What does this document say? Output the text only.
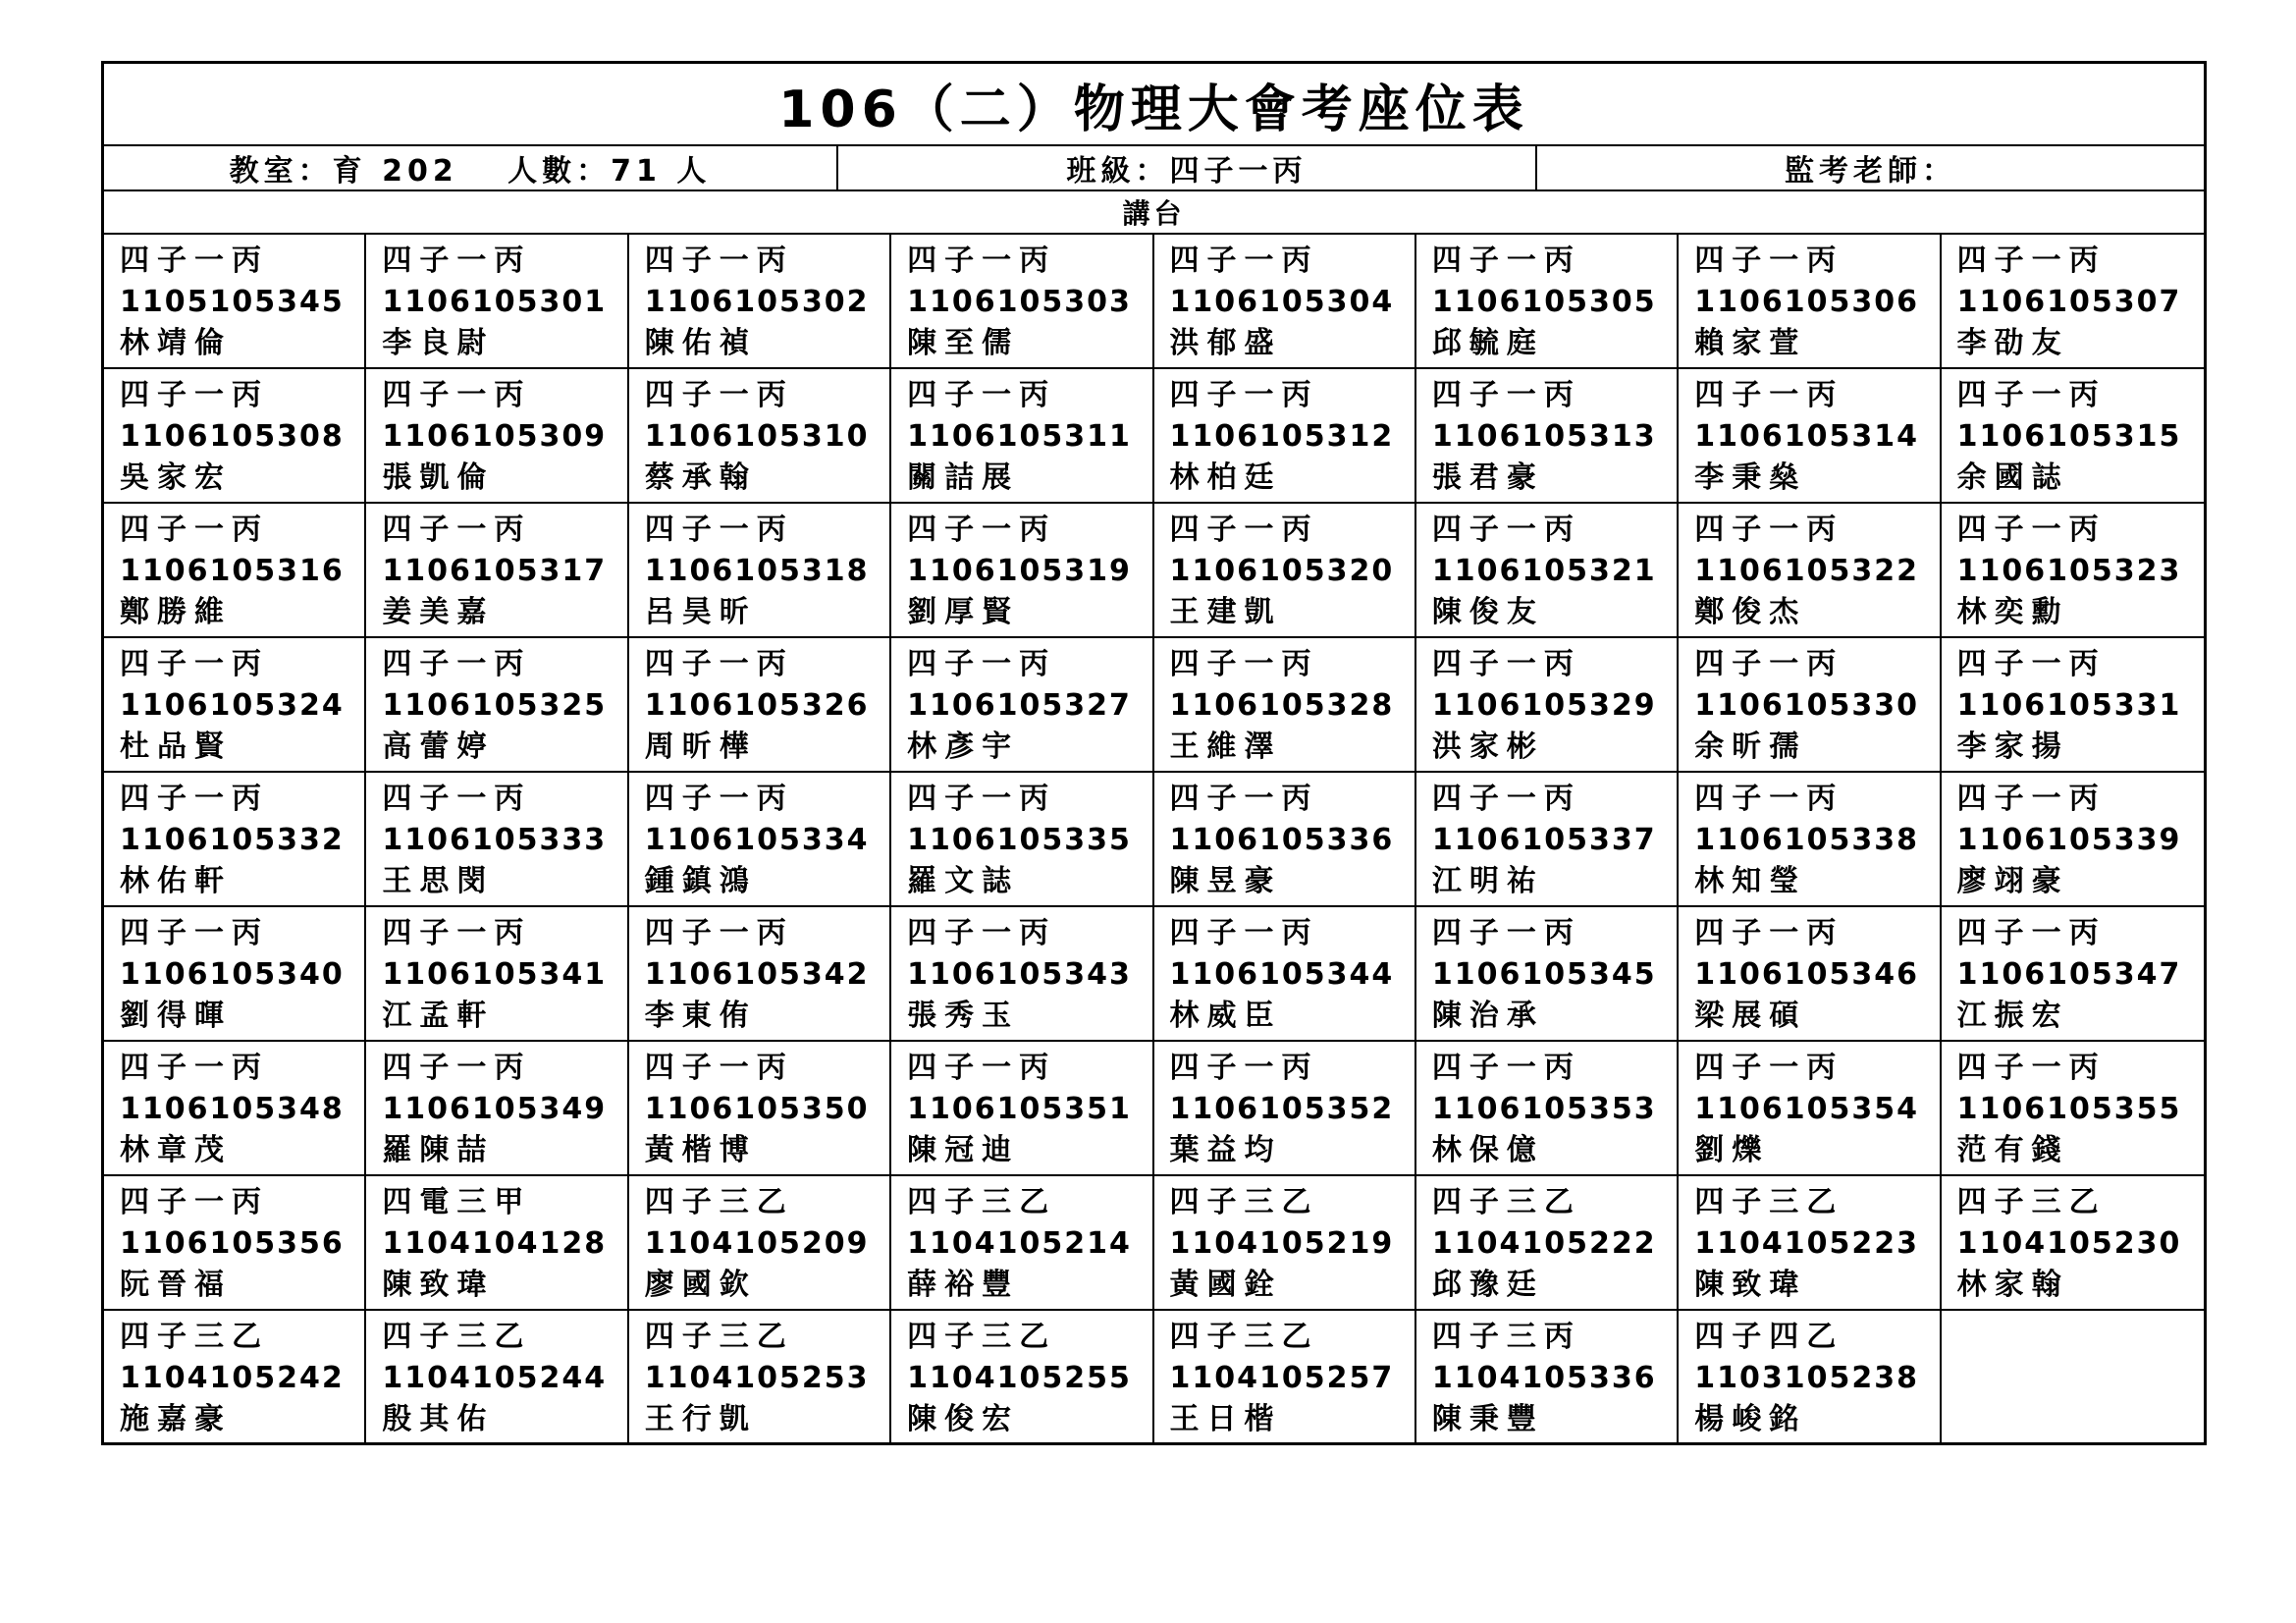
106（二）物理大會考座位表
教室：育 202　 人數：71 人	班級：四子一丙	監考老師：
講台
四子一丙
1105105345
林靖倫
四子一丙
1106105301
李良尉
四子一丙
1106105302
陳佑禎
四子一丙
1106105303
陳至儒
四子一丙
1106105304
洪郁盛
四子一丙
1106105305
邱毓庭
四子一丙
1106105306
賴家萱
四子一丙
1106105307
李劭友
四子一丙
1106105308
吳家宏
四子一丙
1106105309
張凱倫
四子一丙
1106105310
蔡承翰
四子一丙
1106105311
關詰展
四子一丙
1106105312
林柏廷
四子一丙
1106105313
張君豪
四子一丙
1106105314
李秉燊
四子一丙
1106105315
余國誌
四子一丙
1106105316
鄭勝維
四子一丙
1106105317
姜美嘉
四子一丙
1106105318
呂昊昕
四子一丙
1106105319
劉厚賢
四子一丙
1106105320
王建凱
四子一丙
1106105321
陳俊友
四子一丙
1106105322
鄭俊杰
四子一丙
1106105323
林奕勳
四子一丙
1106105324
杜品賢
四子一丙
1106105325
高蕾婷
四子一丙
1106105326
周昕樺
四子一丙
1106105327
林彥宇
四子一丙
1106105328
王維澤
四子一丙
1106105329
洪家彬
四子一丙
1106105330
余昕孺
四子一丙
1106105331
李家揚
四子一丙
1106105332
林佑軒
四子一丙
1106105333
王思閔
四子一丙
1106105334
鍾鎮鴻
四子一丙
1106105335
羅文誌
四子一丙
1106105336
陳昱豪
四子一丙
1106105337
江明祐
四子一丙
1106105338
林知瑩
四子一丙
1106105339
廖翊豪
四子一丙
1106105340
劉得暉
四子一丙
1106105341
江孟軒
四子一丙
1106105342
李東侑
四子一丙
1106105343
張秀玉
四子一丙
1106105344
林威臣
四子一丙
1106105345
陳治承
四子一丙
1106105346
梁展碩
四子一丙
1106105347
江振宏
四子一丙
1106105348
林章茂
四子一丙
1106105349
羅陳喆
四子一丙
1106105350
黃楷博
四子一丙
1106105351
陳冠迪
四子一丙
1106105352
葉益均
四子一丙
1106105353
林保億
四子一丙
1106105354
劉爍
四子一丙
1106105355
范有錢
四子一丙
1106105356
阮晉福
四電三甲
1104104128
陳致瑋
四子三乙
1104105209
廖國欽
四子三乙
1104105214
薛裕豐
四子三乙
1104105219
黃國銓
四子三乙
1104105222
邱豫廷
四子三乙
1104105223
陳致瑋
四子三乙
1104105230
林家翰
四子三乙
1104105242
施嘉豪
四子三乙
1104105244
殷其佑
四子三乙
1104105253
王行凱
四子三乙
1104105255
陳俊宏
四子三乙
1104105257
王日楷
四子三丙
1104105336
陳秉豐
四子四乙
1103105238
楊峻銘
